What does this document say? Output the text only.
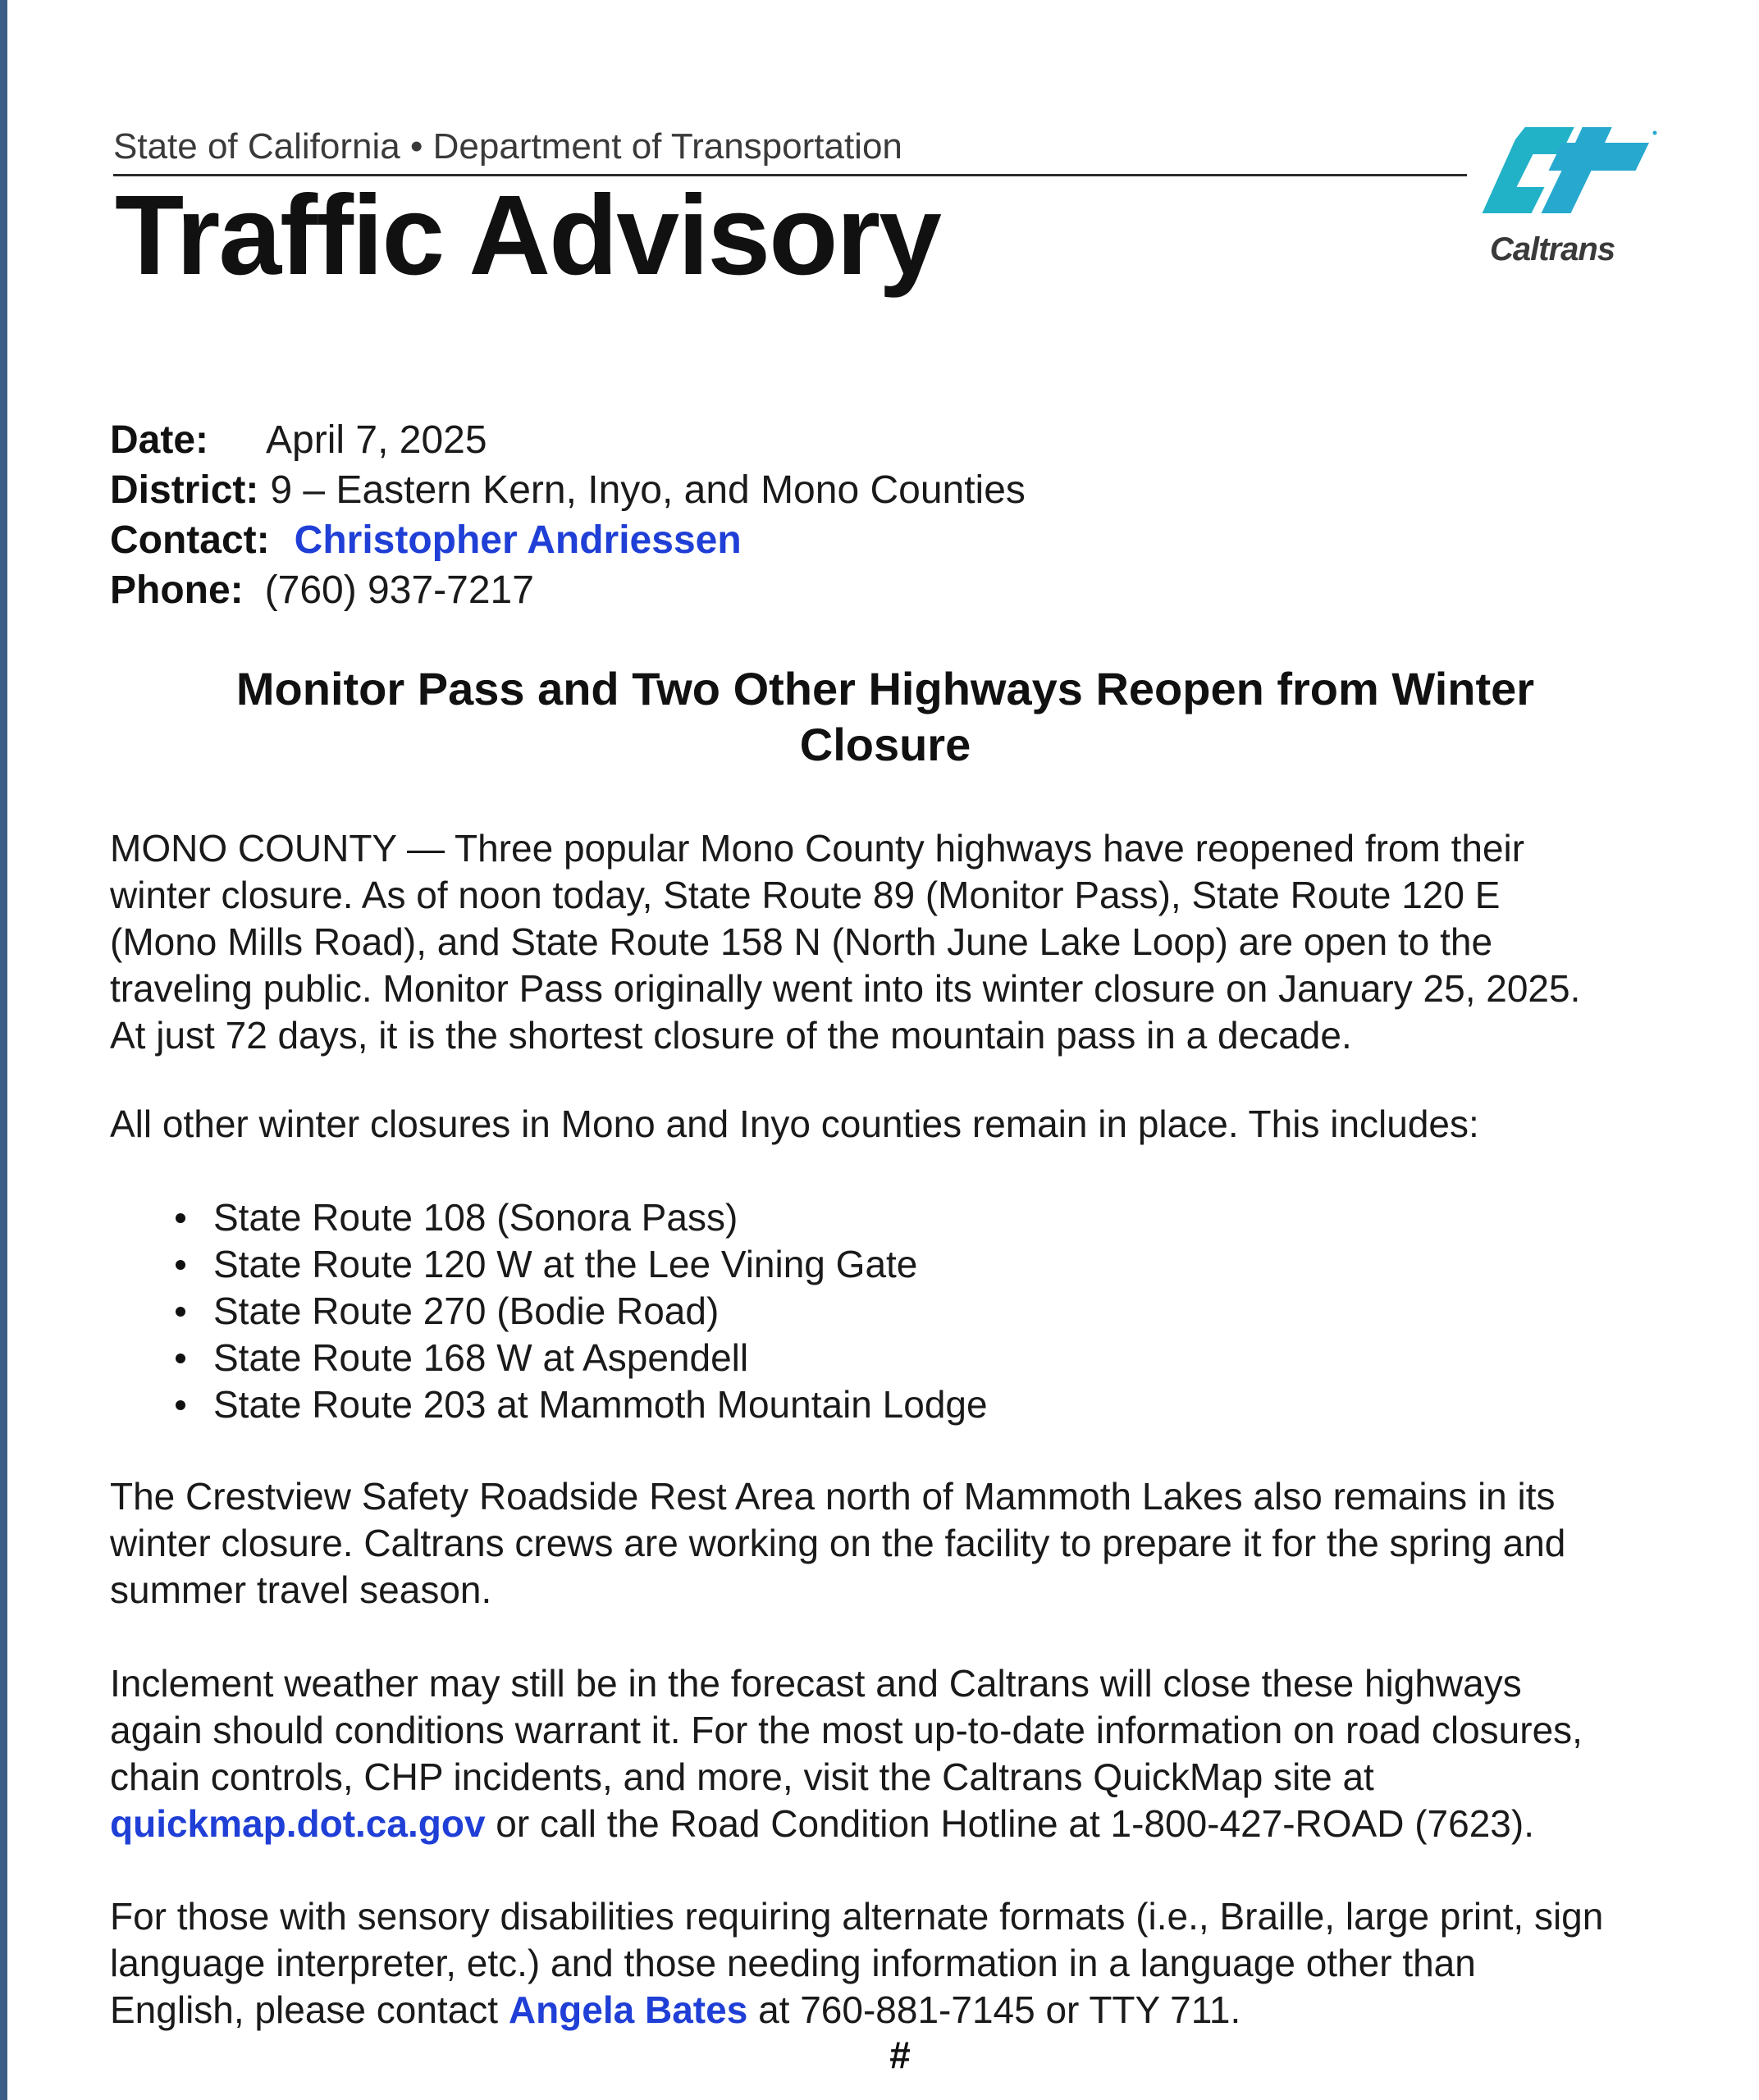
State of California • Department of Transportation
Traffic Advisory	Caltrans
Date: April 7, 2025
District: 9 – Eastern Kern, Inyo, and Mono Counties
Contact: Christopher Andriessen
Phone: (760) 937-7217
Monitor Pass and Two Other Highways Reopen from Winter
Closure
MONO COUNTY — Three popular Mono County highways have reopened from their
winter closure. As of noon today, State Route 89 (Monitor Pass), State Route 120 E
(Mono Mills Road), and State Route 158 N (North June Lake Loop) are open to the
traveling public. Monitor Pass originally went into its winter closure on January 25, 2025.
At just 72 days, it is the shortest closure of the mountain pass in a decade.
All other winter closures in Mono and Inyo counties remain in place. This includes:
State Route 108 (Sonora Pass)
State Route 120 W at the Lee Vining Gate
State Route 270 (Bodie Road)
State Route 168 W at Aspendell
State Route 203 at Mammoth Mountain Lodge
The Crestview Safety Roadside Rest Area north of Mammoth Lakes also remains in its
winter closure. Caltrans crews are working on the facility to prepare it for the spring and
summer travel season.
Inclement weather may still be in the forecast and Caltrans will close these highways
again should conditions warrant it. For the most up-to-date information on road closures,
chain controls, CHP incidents, and more, visit the Caltrans QuickMap site at
quickmap.dot.ca.gov or call the Road Condition Hotline at 1-800-427-ROAD (7623).
For those with sensory disabilities requiring alternate formats (i.e., Braille, large print, sign
language interpreter, etc.) and those needing information in a language other than
English, please contact Angela Bates at 760-881-7145 or TTY 711.
#
